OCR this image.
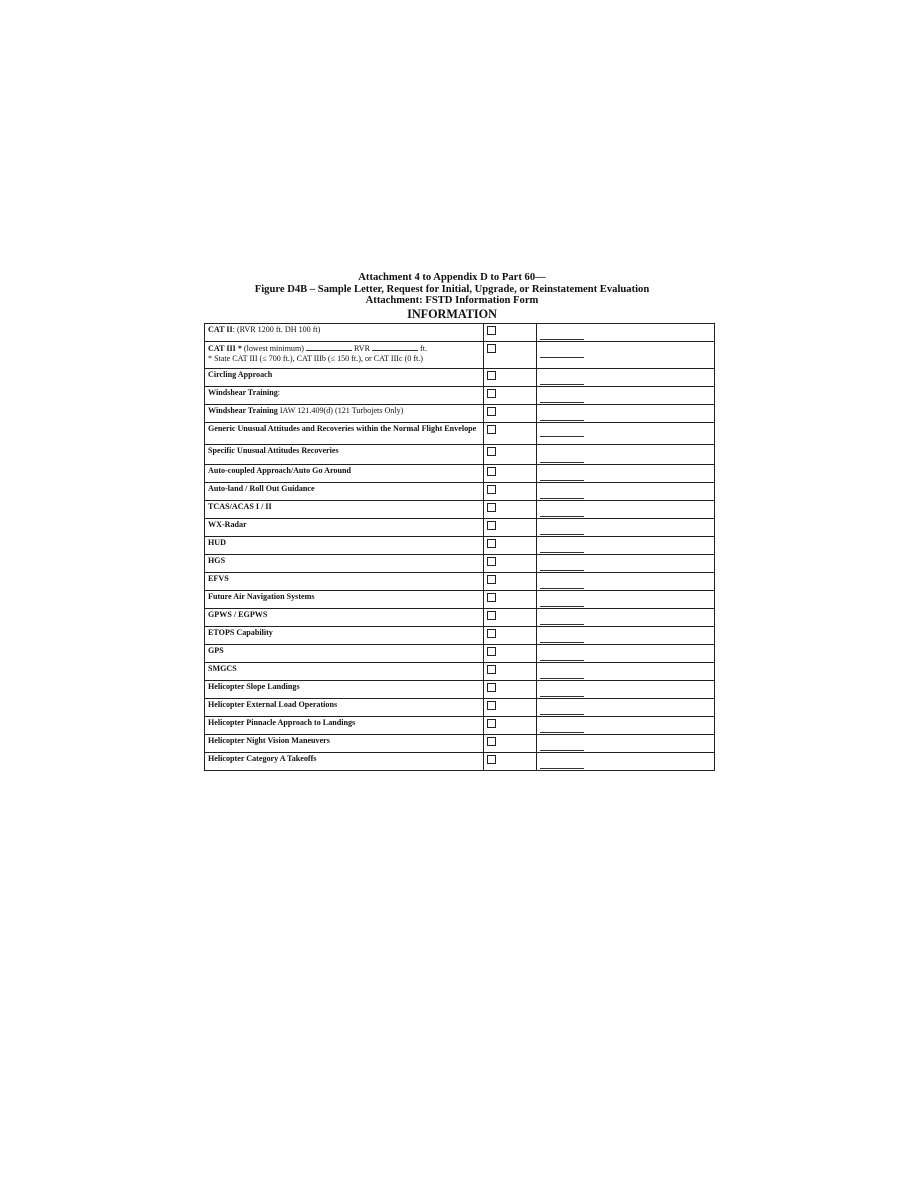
Attachment 4 to Appendix D to Part 60—
Figure D4B – Sample Letter, Request for Initial, Upgrade, or Reinstatement Evaluation
Attachment: FSTD Information Form
INFORMATION
CAT II: (RVR 1200 ft. DH 100 ft)	

CAT III * (lowest minimum) RVR ft.
* State CAT III (≤ 700 ft.), CAT IIIb (≤ 150 ft.), or CAT IIIc (0 ft.)		

Circling Approach	

Windshear Training:	

Windshear Training IAW 121.409(d) (121 Turbojets Only)	

Generic Unusual Attitudes and Recoveries within the Normal Flight Envelope	

Specific Unusual Attitudes Recoveries	

Auto-coupled Approach/Auto Go Around	

Auto-land / Roll Out Guidance	

TCAS/ACAS I / II	

WX-Radar	

HUD	

HGS	

EFVS	

Future Air Navigation Systems	

GPWS / EGPWS	

ETOPS Capability	

GPS	

SMGCS	

Helicopter Slope Landings	

Helicopter External Load Operations	

Helicopter Pinnacle Approach to Landings	

Helicopter Night Vision Maneuvers	

Helicopter Category A Takeoffs	
